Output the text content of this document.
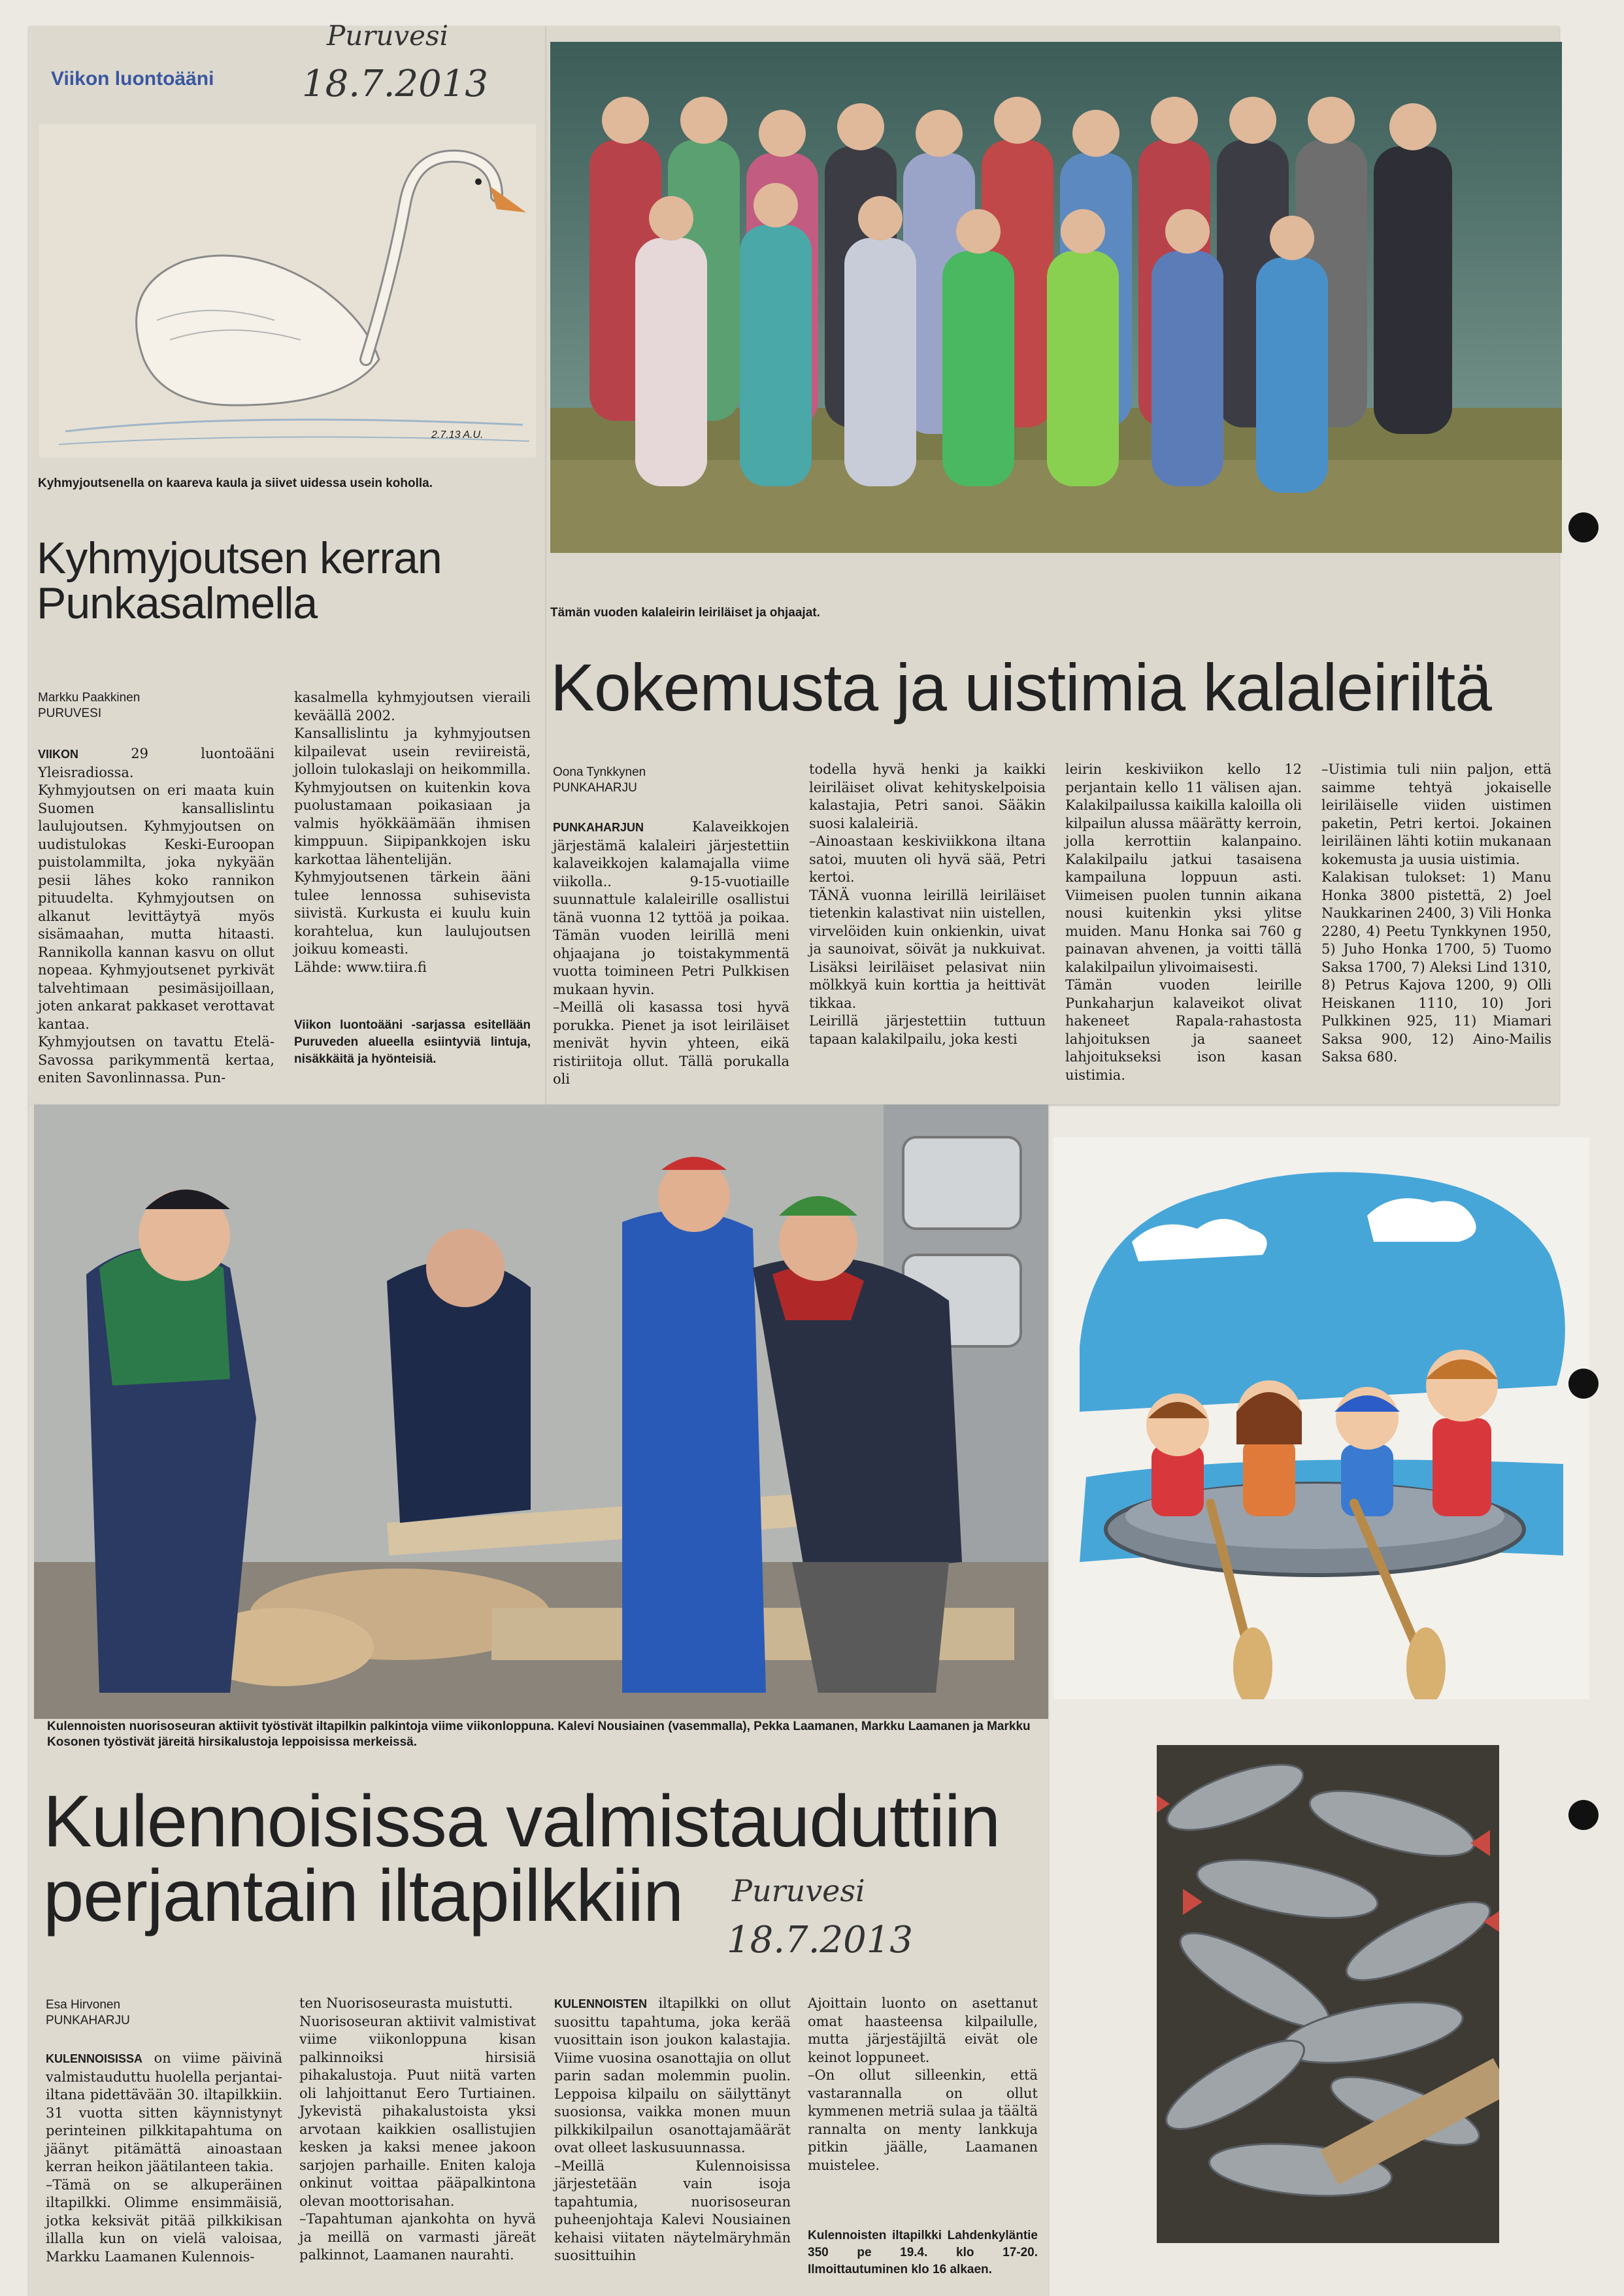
Viikon luontoääni
2.7.13 A.U.
Kyhmyjoutsenella on kaareva kaula ja siivet uidessa usein koholla.
Kyhmyjoutsen kerran Punkasalmella
Markku Paakkinen
PURUVESI
VIIKON	29 luontoääni Yleisradiossa.
Kyhmyjoutsen on eri maata kuin Suomen kansallislintu laulujoutsen. Kyhmyjoutsen on uudistulokas Keski-Euroopan puistolammilta, joka nykyään pesii lähes koko rannikon pituudelta. Kyhmyjoutsen on alkanut levittäytyä myös sisämaahan, mutta hitaasti. Rannikolla kannan kasvu on ollut nopeaa. Kyhmyjoutsenet pyrkivät talvehtimaan pesimäsijoillaan, joten ankarat pakkaset verottavat kantaa.
Kyhmyjoutsen on tavattu Etelä-Savossa parikymmentä kertaa, eniten Savonlinnassa. Pun-
kasalmella kyhmyjoutsen vieraili keväällä 2002.
Kansallislintu ja kyhmyjoutsen kilpailevat usein reviireistä, jolloin tulokaslaji on heikommilla. Kyhmyjoutsen on kuitenkin kova puolustamaan poikasiaan ja valmis hyökkäämään ihmisen kimppuun. Siipipankkojen isku karkottaa lähentelijän.
Kyhmyjoutsenen tärkein ääni tulee lennossa suhisevista siivistä. Kurkusta ei kuulu kuin korahtelua, kun laulujoutsen joikuu komeasti.
Lähde: www.tiira.fi
Viikon luontoääni -sarjassa esitellään Puruveden alueella esiintyviä lintuja, nisäkkäitä ja hyönteisiä.
Puruvesi
18.7.2013
Tämän vuoden kalaleirin leiriläiset ja ohjaajat.
Kokemusta ja uistimia kalaleiriltä
Oona Tynkkynen
PUNKAHARJU
PUNKAHARJUN	Kalaveikkojen järjestämä kalaleiri järjestettiin kalaveikkojen kalamajalla viime viikolla.. 9-15-vuotiaille suunnattule kalaleirille osallistui tänä vuonna 12 tyttöä ja poikaa. Tämän vuoden leirillä meni ohjaajana jo toistakymmentä vuotta toimineen Petri Pulkkisen mukaan hyvin.
–Meillä oli kasassa tosi hyvä porukka. Pienet ja isot leiriläiset menivät hyvin yhteen, eikä ristiriitoja ollut. Tällä porukalla oli
todella hyvä henki ja kaikki leiriläiset olivat kehityskelpoisia kalastajia, Petri sanoi. Sääkin suosi kalaleiriä.
–Ainoastaan keskiviikkona iltana satoi, muuten oli hyvä sää, Petri kertoi.
TÄNÄ vuonna leirillä leiriläiset tietenkin kalastivat niin uistellen, virvelöiden kuin onkienkin, uivat ja saunoivat, söivät ja nukkuivat. Lisäksi leiriläiset pelasivat niin mölkkyä kuin korttia ja heittivät tikkaa.
Leirillä järjestettiin tuttuun tapaan kalakilpailu, joka kesti
leirin keskiviikon kello 12 perjantain kello 11 välisen ajan. Kalakilpailussa kaikilla kaloilla oli kilpailun alussa määrätty kerroin, jolla kerrottiin kalanpaino. Kalakilpailu jatkui tasaisena kampailuna loppuun asti. Viimeisen puolen tunnin aikana nousi kuitenkin yksi ylitse muiden. Manu Honka sai 760 g painavan ahvenen, ja voitti tällä kalakilpailun ylivoimaisesti.
Tämän vuoden leirille Punkaharjun kalaveikot olivat hakeneet Rapala-rahastosta lahjoituksen ja saaneet lahjoitukseksi ison kasan uistimia.
–Uistimia tuli niin paljon, että saimme tehtyä jokaiselle leiriläiselle viiden uistimen paketin, Petri kertoi. Jokainen leiriläinen lähti kotiin mukanaan kokemusta ja uusia uistimia.
Kalakisan tulokset: 1) Manu Honka 3800 pistettä, 2) Joel Naukkarinen 2400, 3) Vili Honka 2280, 4) Peetu Tynkkynen 1950, 5) Juho Honka 1700, 5) Tuomo Saksa 1700, 7) Aleksi Lind 1310, 8) Petrus Kajova 1200, 9) Olli Heiskanen 1110, 10) Jori Pulkkinen 925, 11) Miamari Saksa 900, 12) Aino-Mailis Saksa 680.
Kulennoisten nuorisoseuran aktiivit työstivät iltapilkin palkintoja viime viikonloppuna. Kalevi Nousiainen (vasemmalla), Pekka Laamanen, Markku Laamanen ja Markku Kosonen työstivät järeitä hirsikalustoja leppoisissa merkeissä.
Kulennoisissa valmistauduttiin perjantain iltapilkkiin	Puruvesi
18.7.2013
Esa Hirvonen
PUNKAHARJU
KULENNOISISSA on viime päivinä valmistauduttu huolella perjantai-iltana pidettävään 30. iltapilkkiin. 31 vuotta sitten käynnistynyt perinteinen pilkkitapahtuma on jäänyt pitämättä ainoastaan kerran heikon jäätilanteen takia.
–Tämä on se alkuperäinen iltapilkki. Olimme ensimmäisiä, jotka keksivät pitää pilkkikisan illalla kun on vielä valoisaa, Markku Laamanen Kulennois-
ten Nuorisoseurasta muistutti.
Nuorisoseuran aktiivit valmistivat viime viikonloppuna kisan palkinnoiksi hirsisiä pihakalustoja. Puut niitä varten oli lahjoittanut Eero Turtiainen. Jykevistä pihakalustoista yksi arvotaan kaikkien osallistujien kesken ja kaksi menee jakoon sarjojen parhaille. Eniten kaloja onkinut voittaa pääpalkintona olevan moottorisahan.
–Tapahtuman ajankohta on hyvä ja meillä on varmasti järeät palkinnot, Laamanen naurahti.
KULENNOISTEN iltapilkki on ollut suosittu tapahtuma, joka kerää vuosittain ison joukon kalastajia. Viime vuosina osanottajia on ollut parin sadan molemmin puolin. Leppoisa kilpailu on säilyttänyt suosionsa, vaikka monen muun pilkkikilpailun osanottajamäärät ovat olleet laskusuunnassa.
–Meillä Kulennoisissa järjestetään vain isoja tapahtumia, nuorisoseuran puheenjohtaja Kalevi Nousiainen kehaisi viitaten näytelmäryhmän suosittuihin
Ajoittain luonto on asettanut omat haasteensa kilpailulle, mutta järjestäjiltä eivät ole keinot loppuneet.
–On ollut silleenkin, että vastarannalla on ollut kymmenen metriä sulaa ja täältä rannalta on menty lankkuja pitkin jäälle, Laamanen muistelee.
Kulennoisten iltapilkki Lahdenkyläntie 350 pe 19.4. klo 17-20. Ilmoittautuminen klo 16 alkaen.
